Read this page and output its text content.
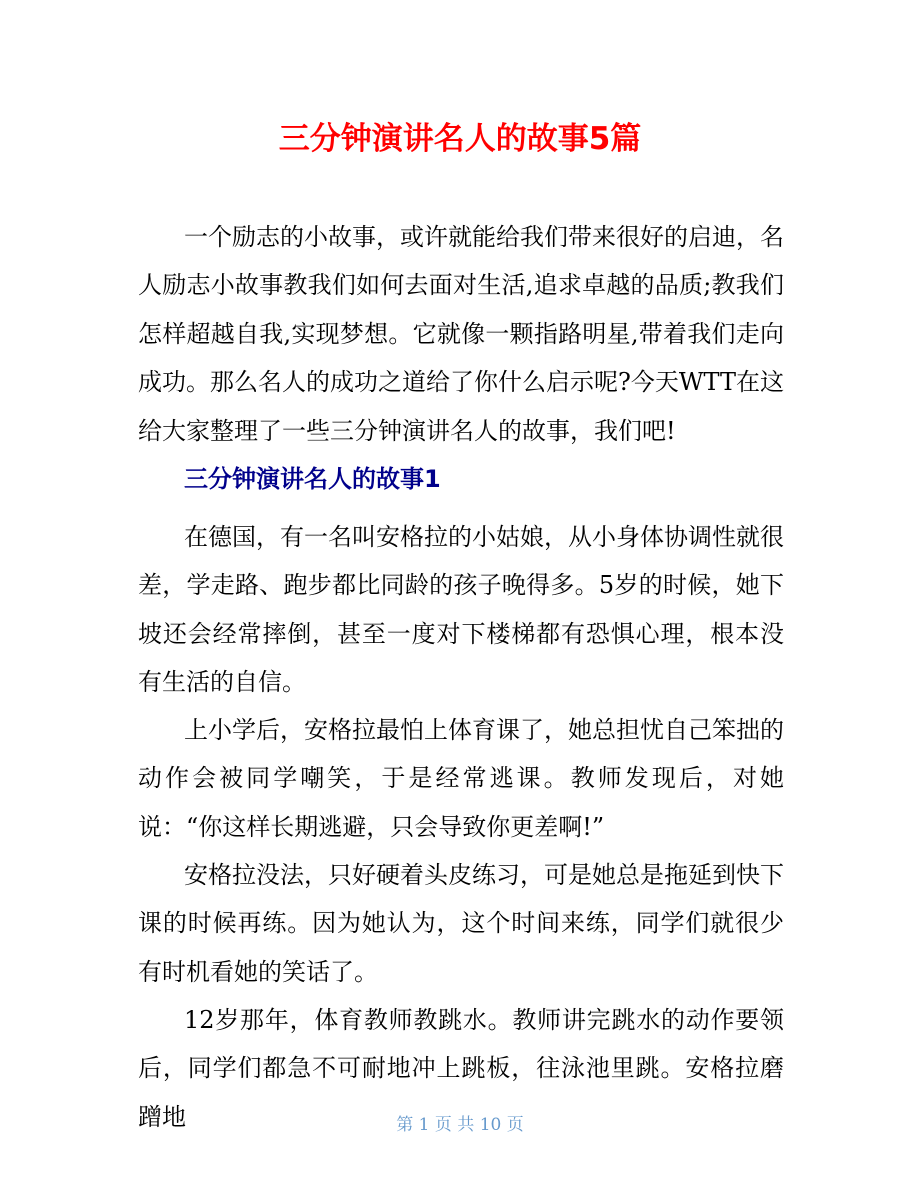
三分钟演讲名人的故事5篇

一个励志的小故事，或许就能给我们带来很好的启迪，名人励志小故事教我们如何去面对生活,追求卓越的品质;教我们怎样超越自我,实现梦想。它就像一颗指路明星,带着我们走向成功。那么名人的成功之道给了你什么启示呢?今天WTT在这给大家整理了一些三分钟演讲名人的故事，我们吧!

三分钟演讲名人的故事1

在德国，有一名叫安格拉的小姑娘，从小身体协调性就很差，学走路、跑步都比同龄的孩子晚得多。5岁的时候，她下坡还会经常摔倒，甚至一度对下楼梯都有恐惧心理，根本没有生活的自信。

上小学后，安格拉最怕上体育课了，她总担忧自己笨拙的动作会被同学嘲笑，于是经常逃课。教师发现后，对她说：“你这样长期逃避，只会导致你更差啊!”

安格拉没法，只好硬着头皮练习，可是她总是拖延到快下课的时候再练。因为她认为，这个时间来练，同学们就很少有时机看她的笑话了。

12岁那年，体育教师教跳水。教师讲完跳水的动作要领后，同学们都急不可耐地冲上跳板，往泳池里跳。安格拉磨蹭地	第 1 页 共 10 页
